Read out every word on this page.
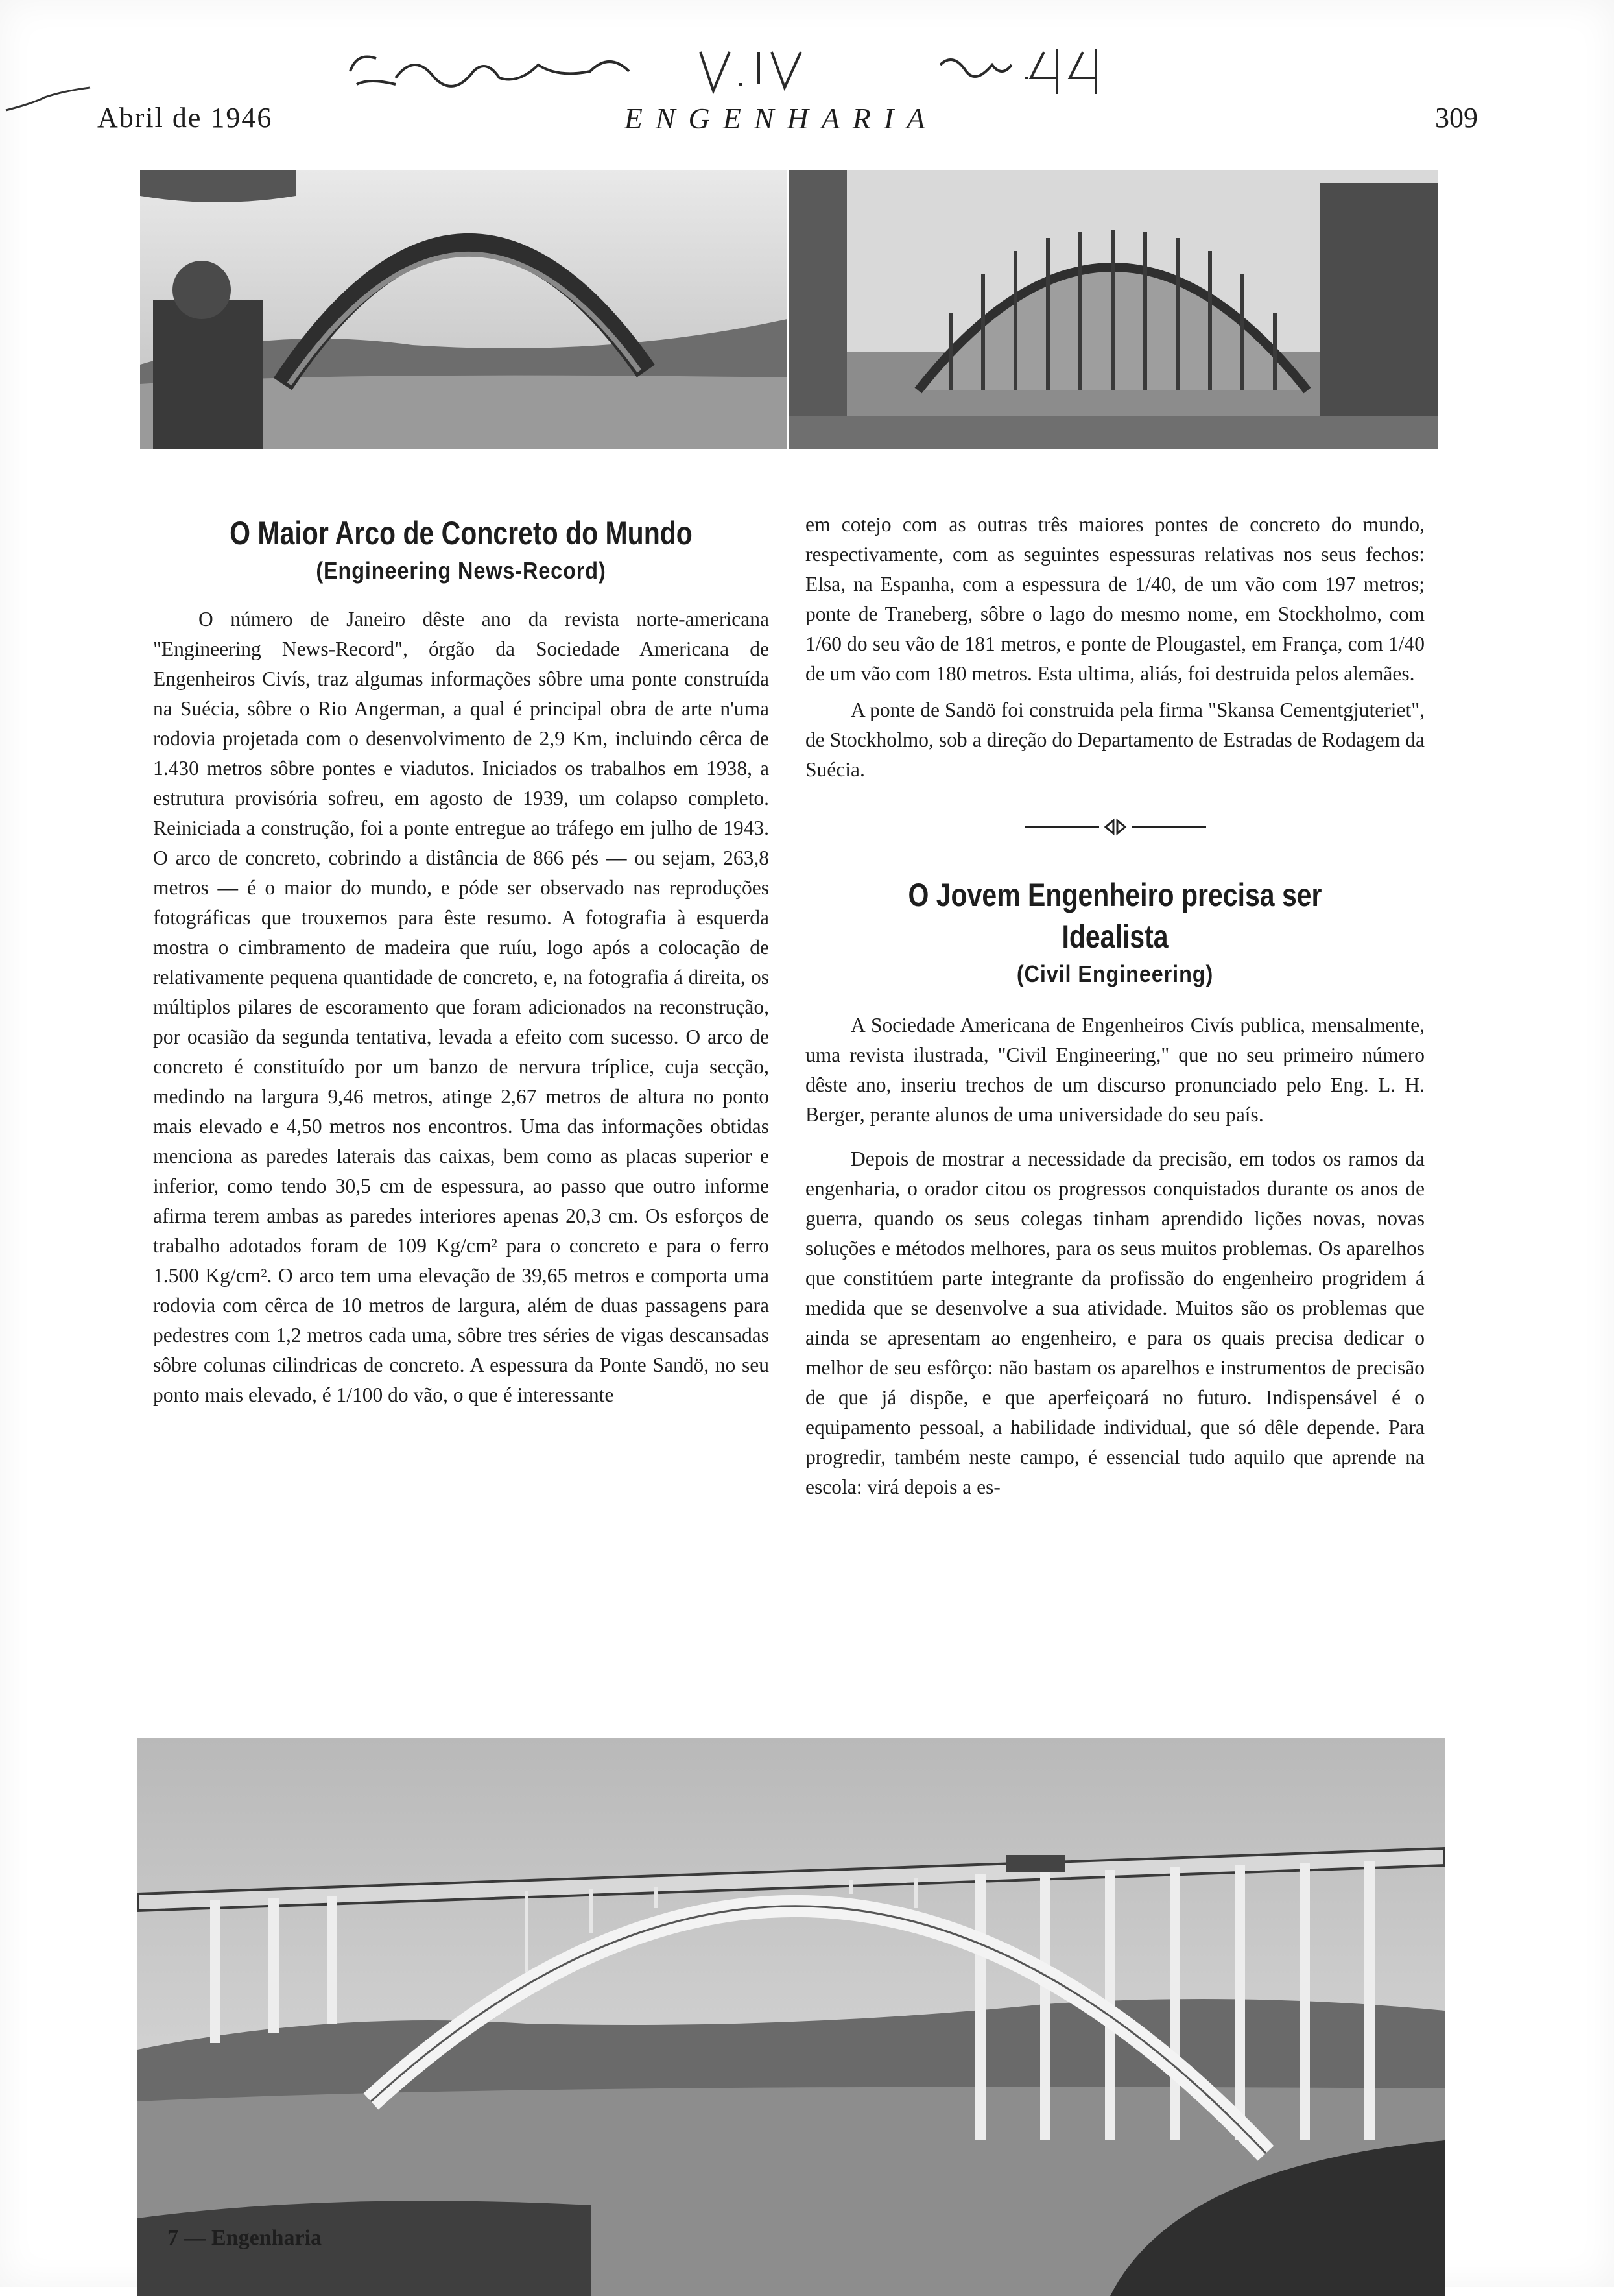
Abril de 1946	ENGENHARIA	309
O Maior Arco de Concreto do Mundo

(Engineering News-Record)

O número de Janeiro dêste ano da revista norte-americana "Engineering News-Record", órgão da Sociedade Americana de Engenheiros Civís, traz algumas informações sôbre uma ponte construída na Suécia, sôbre o Rio Angerman, a qual é principal obra de arte n'uma rodovia projetada com o desenvolvimento de 2,9 Km, incluindo cêrca de 1.430 metros sôbre pontes e viadutos. Iniciados os trabalhos em 1938, a estrutura provisória sofreu, em agosto de 1939, um colapso completo. Reiniciada a construção, foi a ponte entregue ao tráfego em julho de 1943. O arco de concreto, cobrindo a distância de 866 pés — ou sejam, 263,8 metros — é o maior do mundo, e póde ser observado nas reproduções fotográficas que trouxemos para êste resumo. A fotografia à esquerda mostra o cimbramento de madeira que ruíu, logo após a colocação de relativamente pequena quantidade de concreto, e, na fotografia á direita, os múltiplos pilares de escoramento que foram adicionados na reconstrução, por ocasião da segunda tentativa, levada a efeito com sucesso. O arco de concreto é constituído por um banzo de nervura tríplice, cuja secção, medindo na largura 9,46 metros, atinge 2,67 metros de altura no ponto mais elevado e 4,50 metros nos encontros. Uma das informações obtidas menciona as paredes laterais das caixas, bem como as placas superior e inferior, como tendo 30,5 cm de espessura, ao passo que outro informe afirma terem ambas as paredes interiores apenas 20,3 cm. Os esforços de trabalho adotados foram de 109 Kg/cm² para o concreto e para o ferro 1.500 Kg/cm². O arco tem uma elevação de 39,65 metros e comporta uma rodovia com cêrca de 10 metros de largura, além de duas passagens para pedestres com 1,2 metros cada uma, sôbre tres séries de vigas descansadas sôbre colunas cilindricas de concreto. A espessura da Ponte Sandö, no seu ponto mais elevado, é 1/100 do vão, o que é interessante

em cotejo com as outras três maiores pontes de concreto do mundo, respectivamente, com as seguintes espessuras relativas nos seus fechos: Elsa, na Espanha, com a espessura de 1/40, de um vão com 197 metros; ponte de Traneberg, sôbre o lago do mesmo nome, em Stockholmo, com 1/60 do seu vão de 181 metros, e ponte de Plougastel, em França, com 1/40 de um vão com 180 metros. Esta ultima, aliás, foi destruida pelos alemães.

A ponte de Sandö foi construida pela firma "Skansa Cementgjuteriet", de Stockholmo, sob a direção do Departamento de Estradas de Rodagem da Suécia.

O Jovem Engenheiro precisa ser Idealista

(Civil Engineering)

A Sociedade Americana de Engenheiros Civís publica, mensalmente, uma revista ilustrada, "Civil Engineering," que no seu primeiro número dêste ano, inseriu trechos de um discurso pronunciado pelo Eng. L. H. Berger, perante alunos de uma universidade do seu país.

Depois de mostrar a necessidade da precisão, em todos os ramos da engenharia, o orador citou os progressos conquistados durante os anos de guerra, quando os seus colegas tinham aprendido lições novas, novas soluções e métodos melhores, para os seus muitos problemas. Os aparelhos que constitúem parte integrante da profissão do engenheiro progridem á medida que se desenvolve a sua atividade. Muitos são os problemas que ainda se apresentam ao engenheiro, e para os quais precisa dedicar o melhor de seu esfôrço: não bastam os aparelhos e instrumentos de precisão de que já dispõe, e que aperfeiçoará no futuro. Indispensável é o equipamento pessoal, a habilidade individual, que só dêle depende. Para progredir, também neste campo, é essencial tudo aquilo que aprende na escola: virá depois a es-

7 — Engenharia
